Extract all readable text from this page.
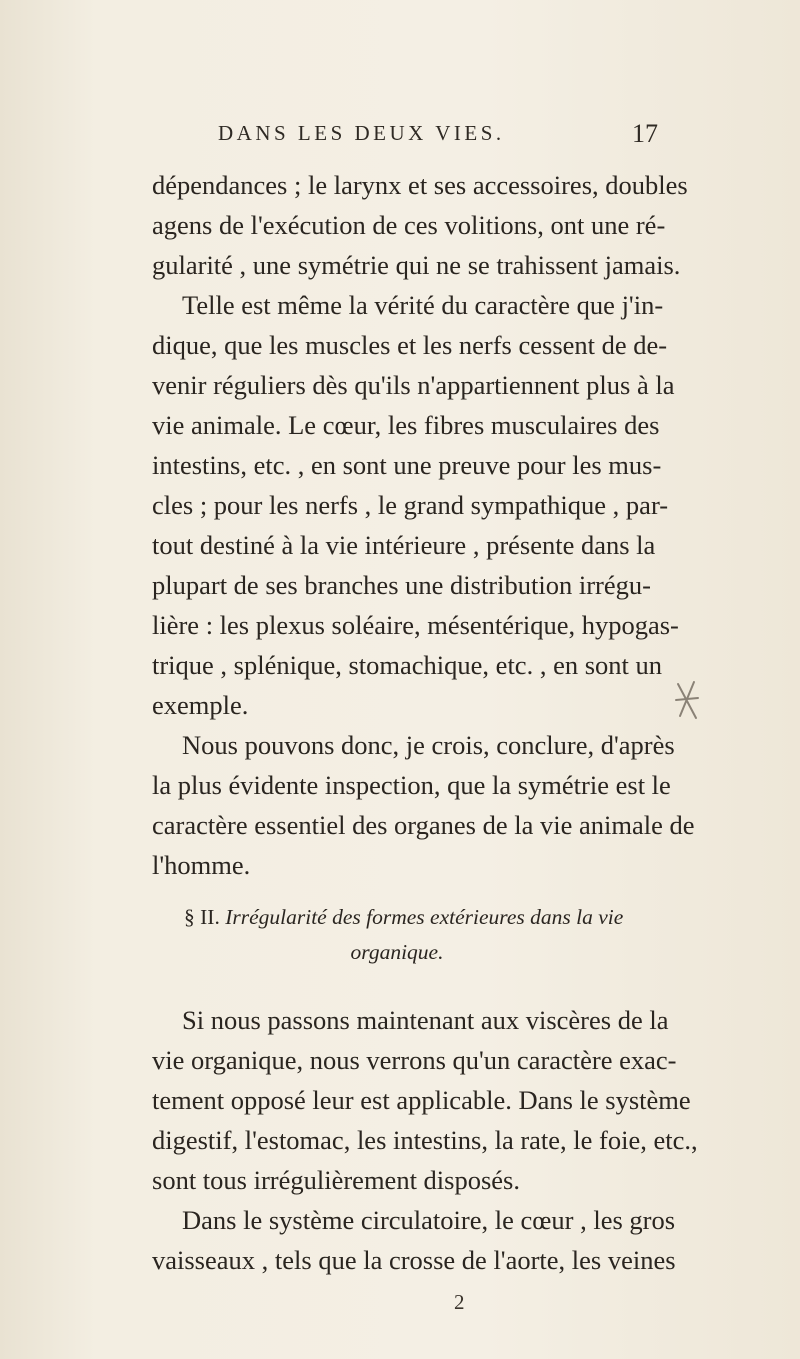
DANS LES DEUX VIES.	17
dépendances ; le larynx et ses accessoires, doubles
agens de l'exécution de ces volitions, ont une ré-
gularité , une symétrie qui ne se trahissent jamais.
Telle est même la vérité du caractère que j'in-
dique, que les muscles et les nerfs cessent de de-
venir réguliers dès qu'ils n'appartiennent plus à la
vie animale. Le cœur, les fibres musculaires des
intestins, etc. , en sont une preuve pour les mus-
cles ; pour les nerfs , le grand sympathique , par-
tout destiné à la vie intérieure , présente dans la
plupart de ses branches une distribution irrégu-
lière : les plexus soléaire, mésentérique, hypogas-
trique , splénique, stomachique, etc. , en sont un
exemple.
Nous pouvons donc, je crois, conclure, d'après
la plus évidente inspection, que la symétrie est le
caractère essentiel des organes de la vie animale de
l'homme.
§ II. Irrégularité des formes extérieures dans la vie
organique.
Si nous passons maintenant aux viscères de la
vie organique, nous verrons qu'un caractère exac-
tement opposé leur est applicable. Dans le système
digestif, l'estomac, les intestins, la rate, le foie, etc.,
sont tous irrégulièrement disposés.
Dans le système circulatoire, le cœur , les gros
vaisseaux , tels que la crosse de l'aorte, les veines
2
